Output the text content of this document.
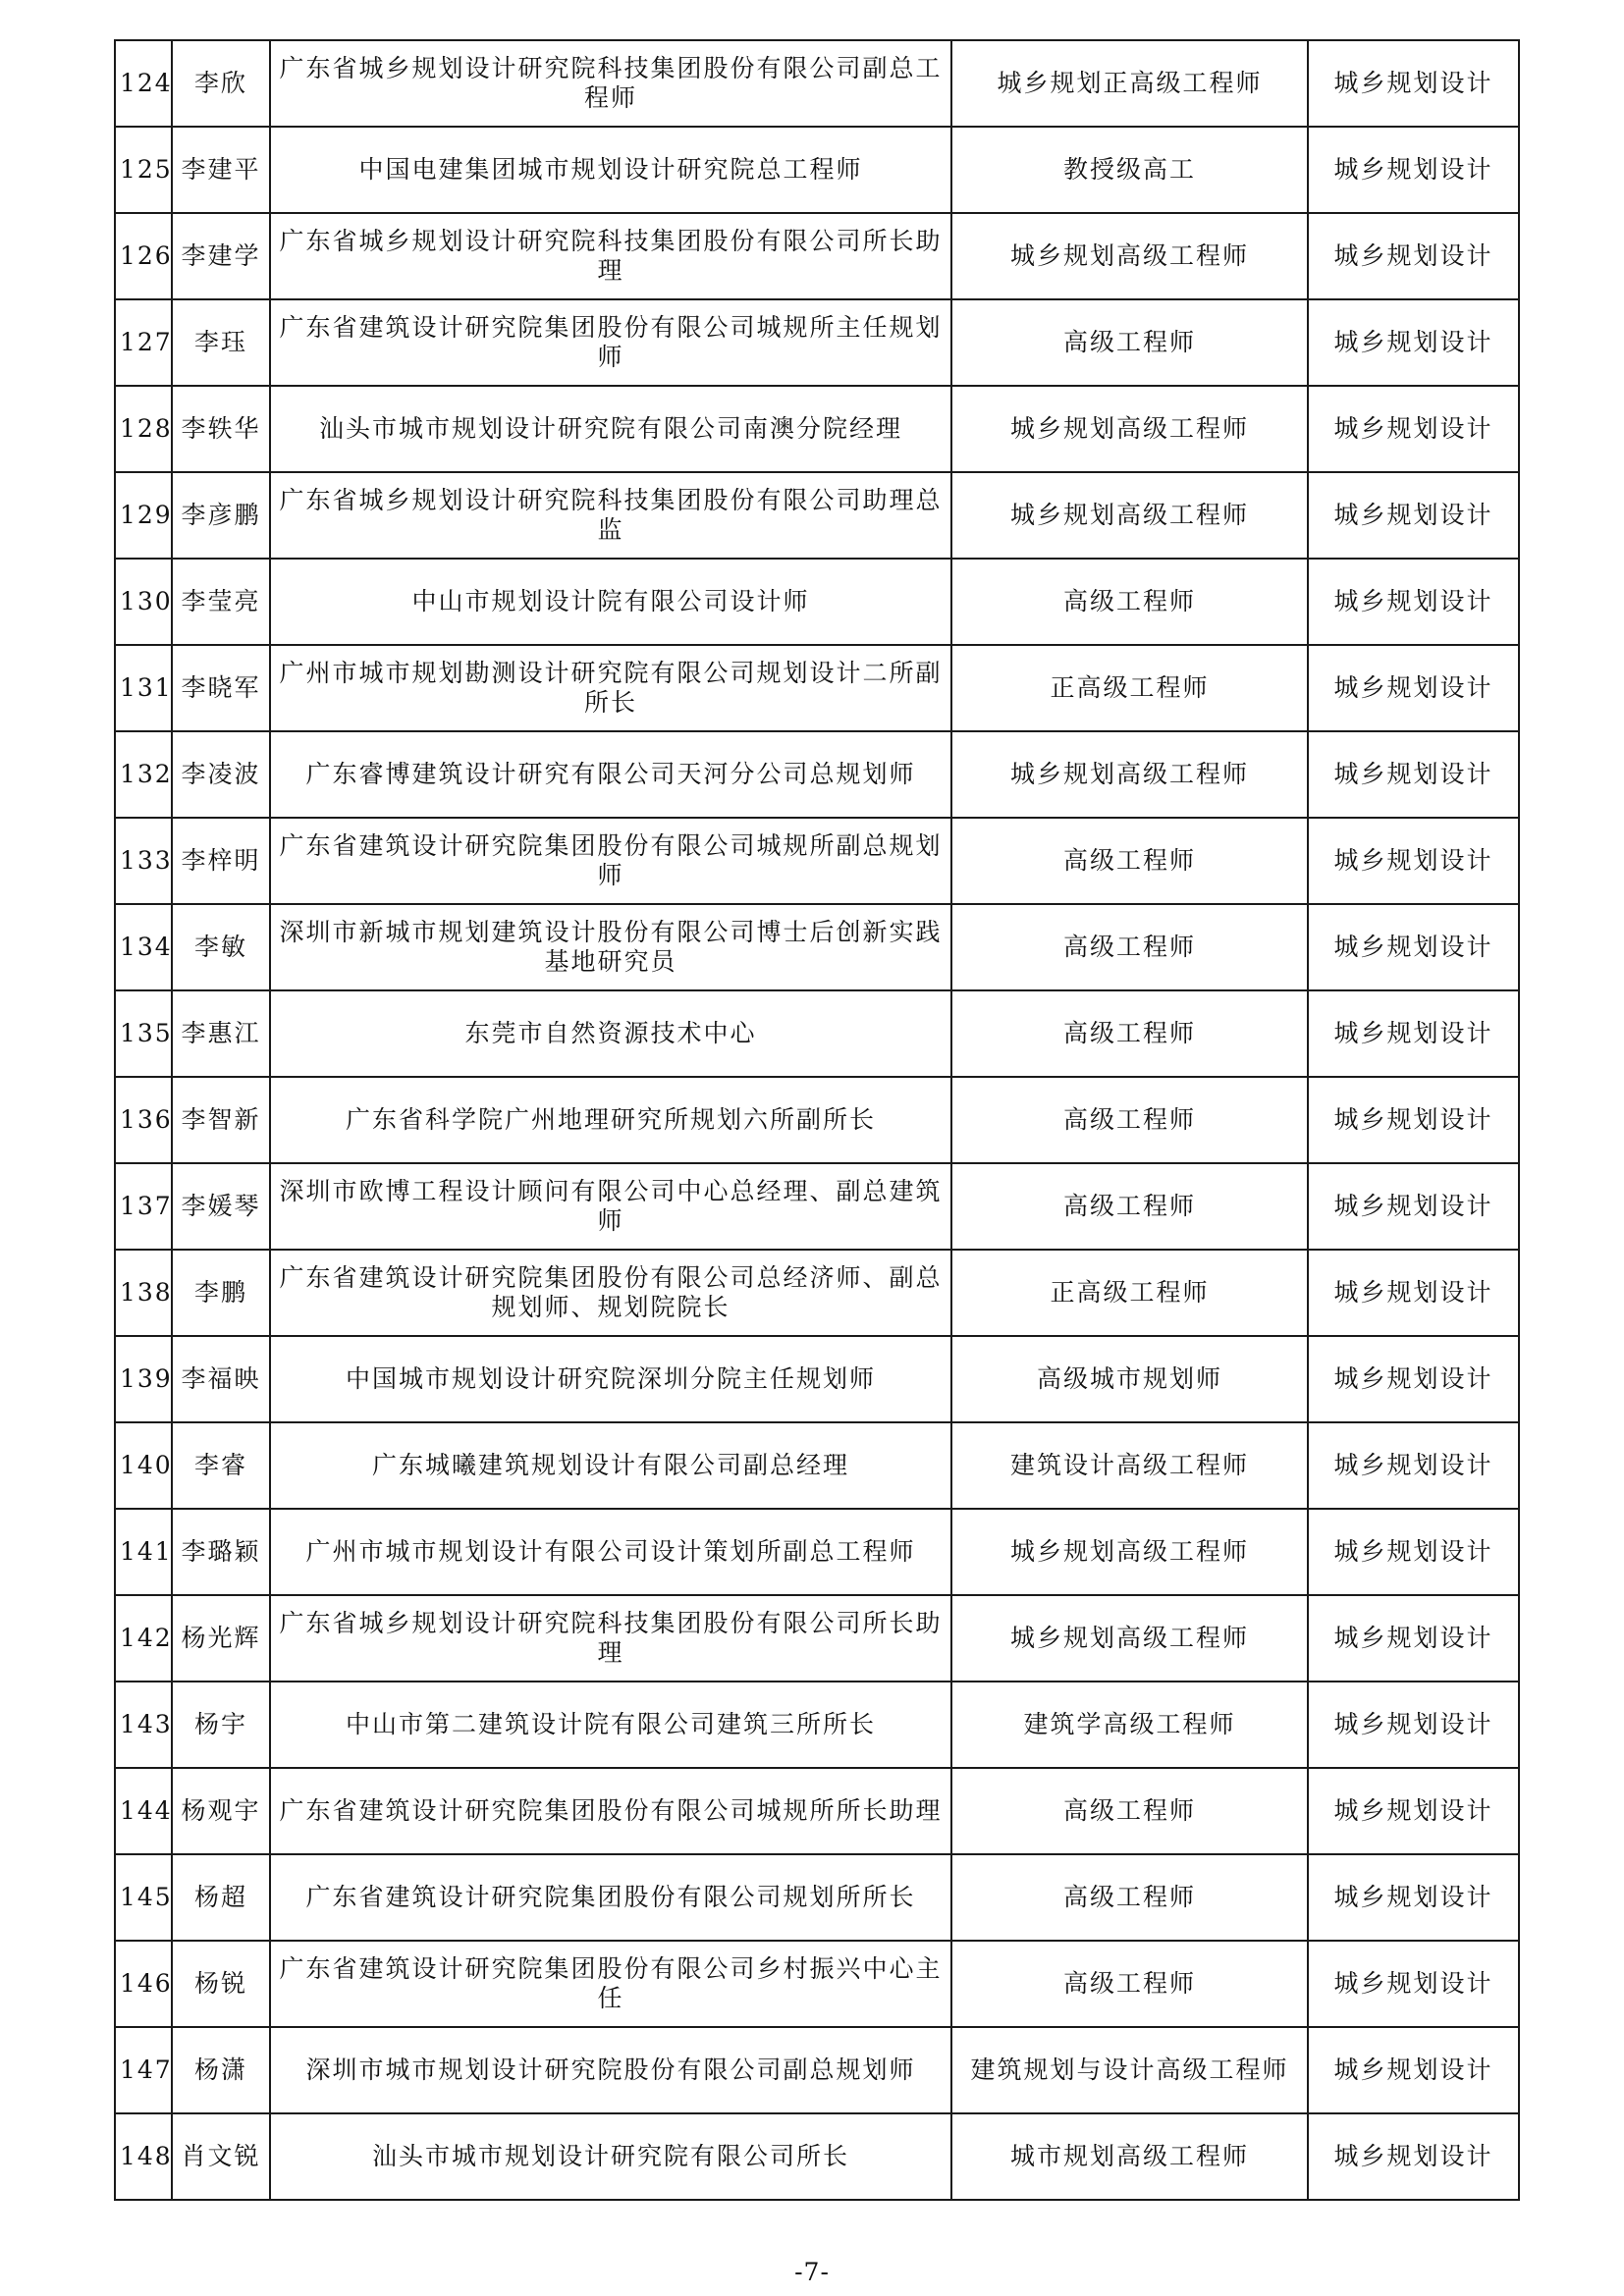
124	李欣	广东省城乡规划设计研究院科技集团股份有限公司副总工程师	城乡规划正高级工程师	城乡规划设计
125	李建平	中国电建集团城市规划设计研究院总工程师	教授级高工	城乡规划设计
126	李建学	广东省城乡规划设计研究院科技集团股份有限公司所长助理	城乡规划高级工程师	城乡规划设计
127	李珏	广东省建筑设计研究院集团股份有限公司城规所主任规划师	高级工程师	城乡规划设计
128	李轶华	汕头市城市规划设计研究院有限公司南澳分院经理	城乡规划高级工程师	城乡规划设计
129	李彦鹏	广东省城乡规划设计研究院科技集团股份有限公司助理总监	城乡规划高级工程师	城乡规划设计
130	李莹亮	中山市规划设计院有限公司设计师	高级工程师	城乡规划设计
131	李晓军	广州市城市规划勘测设计研究院有限公司规划设计二所副所长	正高级工程师	城乡规划设计
132	李凌波	广东睿博建筑设计研究有限公司天河分公司总规划师	城乡规划高级工程师	城乡规划设计
133	李梓明	广东省建筑设计研究院集团股份有限公司城规所副总规划师	高级工程师	城乡规划设计
134	李敏	深圳市新城市规划建筑设计股份有限公司博士后创新实践基地研究员	高级工程师	城乡规划设计
135	李惠江	东莞市自然资源技术中心	高级工程师	城乡规划设计
136	李智新	广东省科学院广州地理研究所规划六所副所长	高级工程师	城乡规划设计
137	李媛琴	深圳市欧博工程设计顾问有限公司中心总经理、副总建筑师	高级工程师	城乡规划设计
138	李鹏	广东省建筑设计研究院集团股份有限公司总经济师、副总规划师、规划院院长	正高级工程师	城乡规划设计
139	李福映	中国城市规划设计研究院深圳分院主任规划师	高级城市规划师	城乡规划设计
140	李睿	广东城曦建筑规划设计有限公司副总经理	建筑设计高级工程师	城乡规划设计
141	李璐颖	广州市城市规划设计有限公司设计策划所副总工程师	城乡规划高级工程师	城乡规划设计
142	杨光辉	广东省城乡规划设计研究院科技集团股份有限公司所长助理	城乡规划高级工程师	城乡规划设计
143	杨宇	中山市第二建筑设计院有限公司建筑三所所长	建筑学高级工程师	城乡规划设计
144	杨观宇	广东省建筑设计研究院集团股份有限公司城规所所长助理	高级工程师	城乡规划设计
145	杨超	广东省建筑设计研究院集团股份有限公司规划所所长	高级工程师	城乡规划设计
146	杨锐	广东省建筑设计研究院集团股份有限公司乡村振兴中心主任	高级工程师	城乡规划设计
147	杨潇	深圳市城市规划设计研究院股份有限公司副总规划师	建筑规划与设计高级工程师	城乡规划设计
148	肖文锐	汕头市城市规划设计研究院有限公司所长	城市规划高级工程师	城乡规划设计
-7-
